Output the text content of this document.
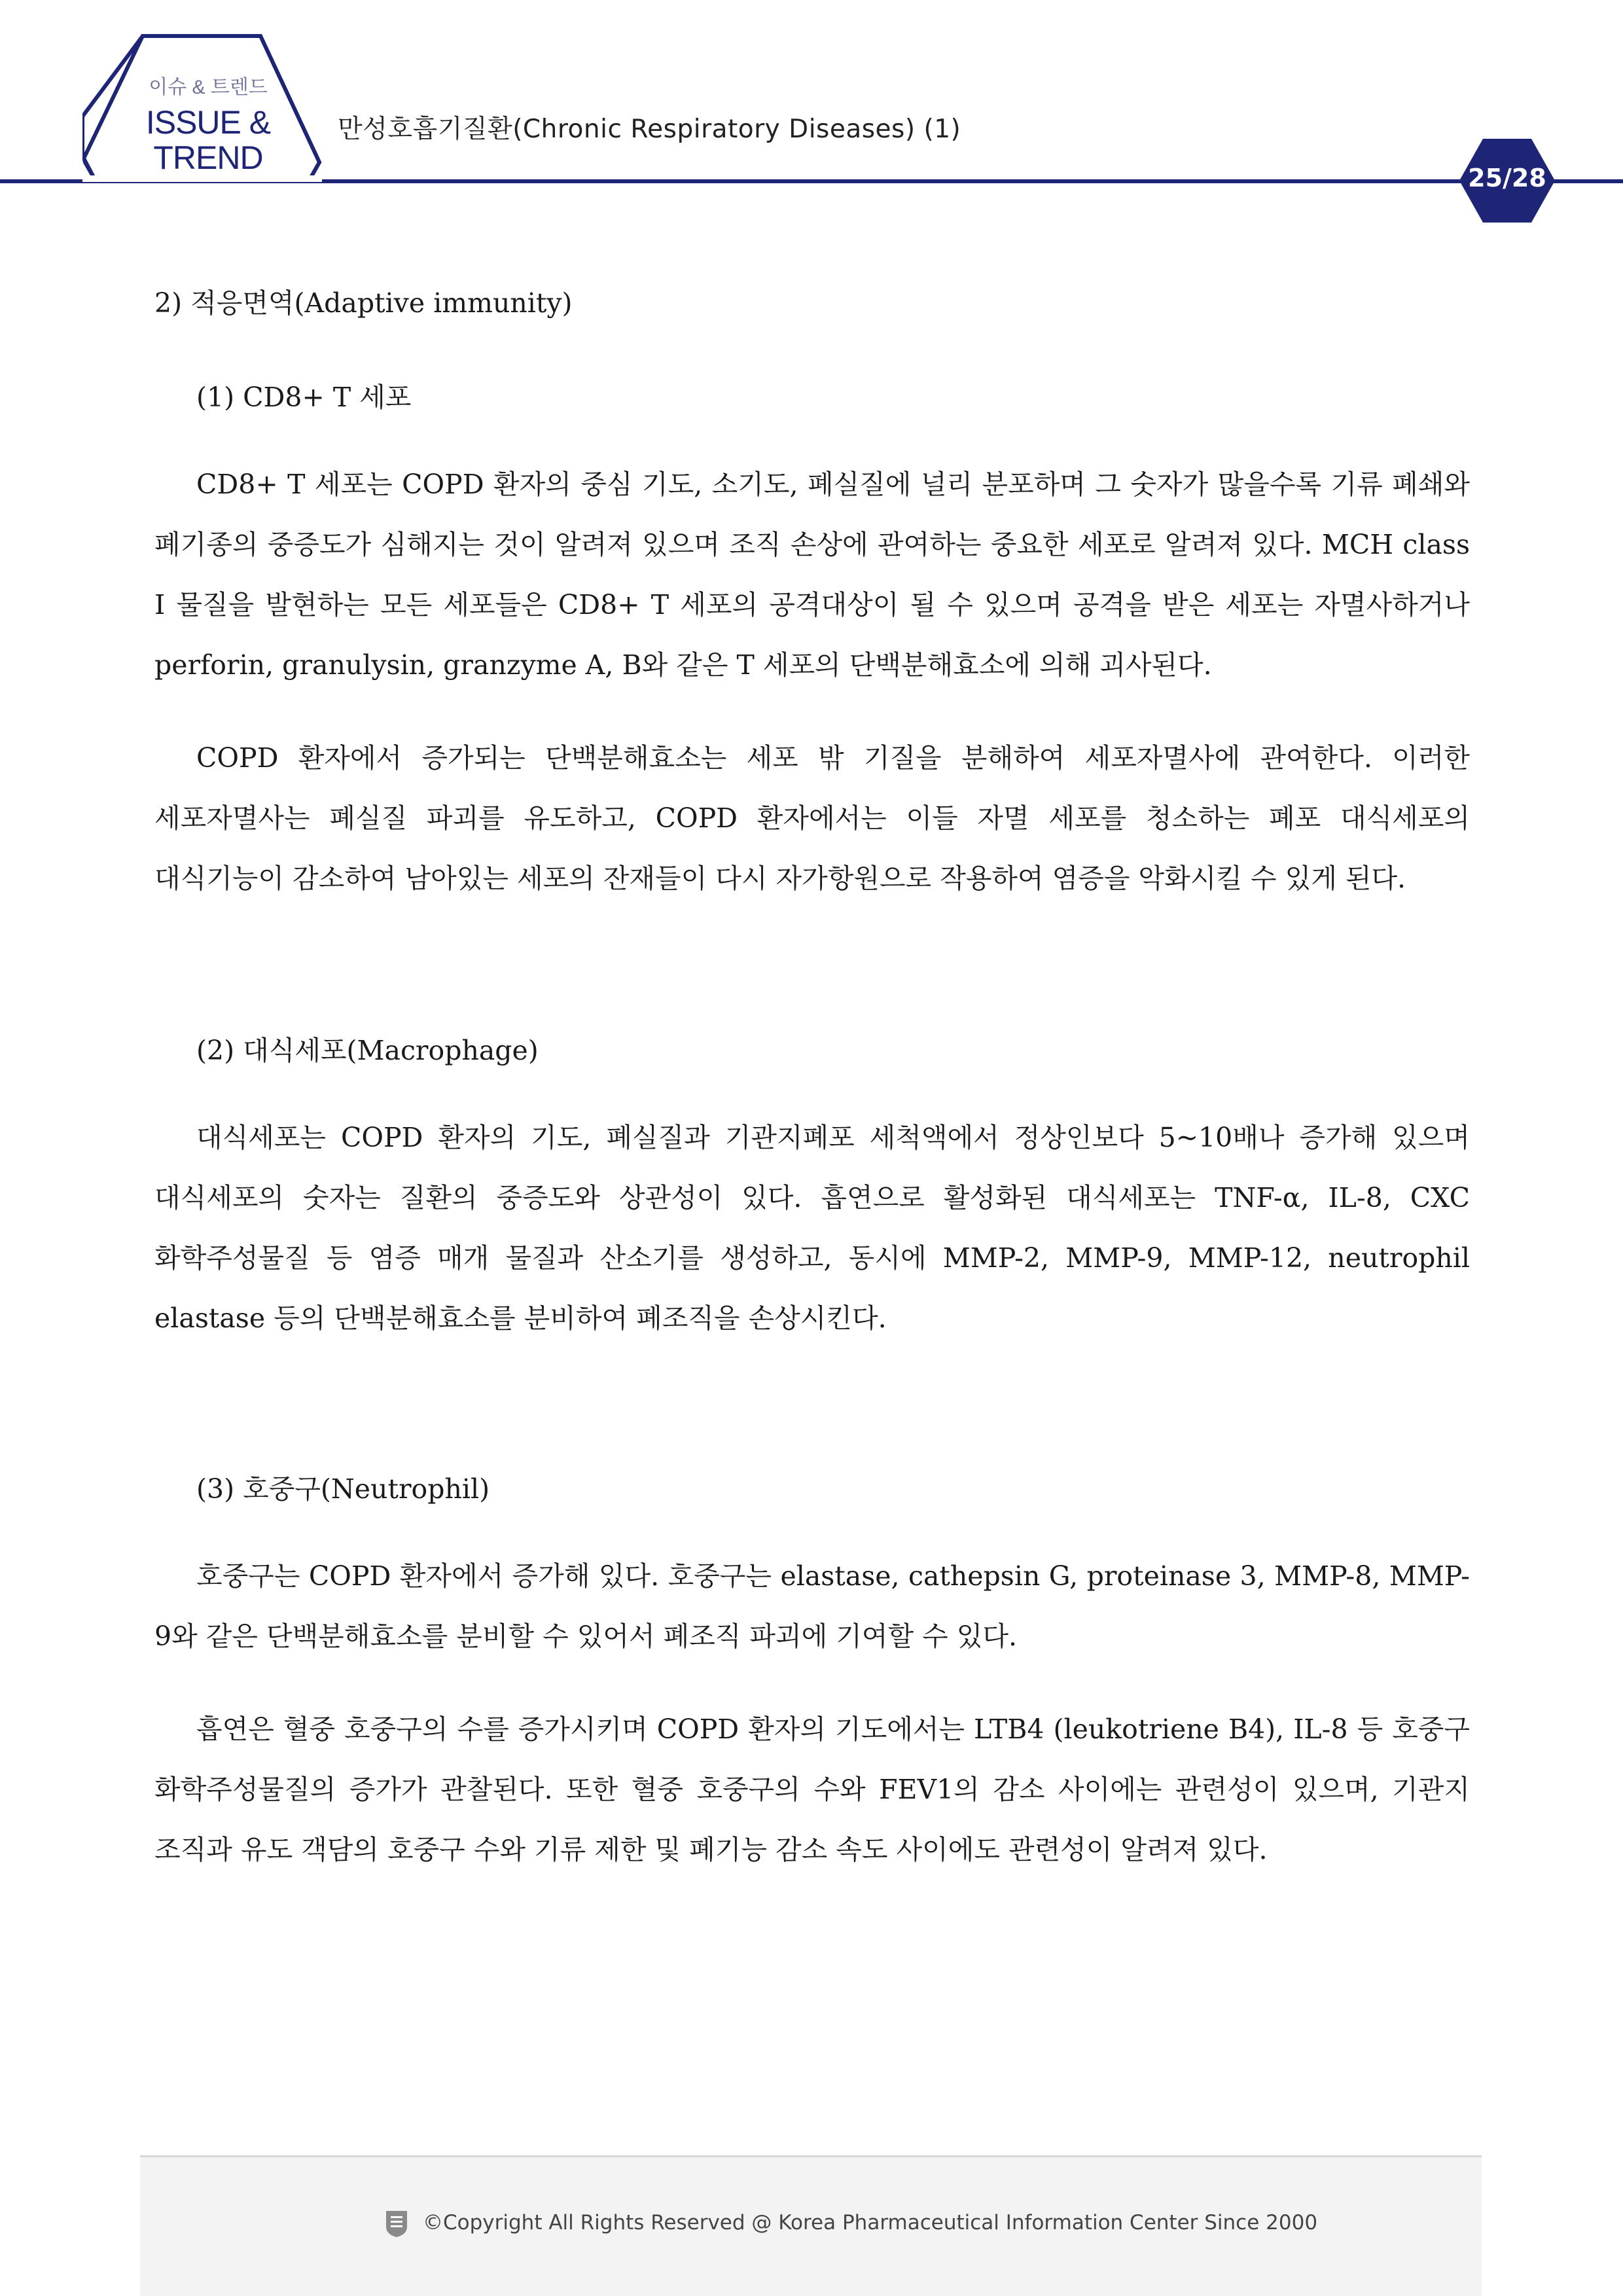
이슈 & 트렌드
ISSUE &
TREND
만성호흡기질환(Chronic Respiratory Diseases) (1)
25/28
2) 적응면역(Adaptive immunity)
(1) CD8+ T 세포

CD8+ T 세포는 COPD 환자의 중심 기도, 소기도, 폐실질에 널리 분포하며 그 숫자가 많을수록 기류 폐쇄와 폐기종의 중증도가 심해지는 것이 알려져 있으며 조직 손상에 관여하는 중요한 세포로 알려져 있다. MCH class I 물질을 발현하는 모든 세포들은 CD8+ T 세포의 공격대상이 될 수 있으며 공격을 받은 세포는 자멸사하거나 perforin, granulysin, granzyme A, B와 같은 T 세포의 단백분해효소에 의해 괴사된다.

COPD 환자에서 증가되는 단백분해효소는 세포 밖 기질을 분해하여 세포자멸사에 관여한다. 이러한 세포자멸사는 폐실질 파괴를 유도하고, COPD 환자에서는 이들 자멸 세포를 청소하는 폐포 대식세포의 대식기능이 감소하여 남아있는 세포의 잔재들이 다시 자가항원으로 작용하여 염증을 악화시킬 수 있게 된다.

(2) 대식세포(Macrophage)

대식세포는 COPD 환자의 기도, 폐실질과 기관지폐포 세척액에서 정상인보다 5~10배나 증가해 있으며 대식세포의 숫자는 질환의 중증도와 상관성이 있다. 흡연으로 활성화된 대식세포는 TNF-α, IL-8, CXC 화학주성물질 등 염증 매개 물질과 산소기를 생성하고, 동시에 MMP-2, MMP-9, MMP-12, neutrophil elastase 등의 단백분해효소를 분비하여 폐조직을 손상시킨다.

(3) 호중구(Neutrophil)

호중구는 COPD 환자에서 증가해 있다. 호중구는 elastase, cathepsin G, proteinase 3, MMP-8, MMP-9와 같은 단백분해효소를 분비할 수 있어서 폐조직 파괴에 기여할 수 있다.

흡연은 혈중 호중구의 수를 증가시키며 COPD 환자의 기도에서는 LTB4 (leukotriene B4), IL-8 등 호중구 화학주성물질의 증가가 관찰된다. 또한 혈중 호중구의 수와 FEV1의 감소 사이에는 관련성이 있으며, 기관지 조직과 유도 객담의 호중구 수와 기류 제한 및 폐기능 감소 속도 사이에도 관련성이 알려져 있다.

©Copyright All Rights Reserved @ Korea Pharmaceutical Information Center Since 2000
